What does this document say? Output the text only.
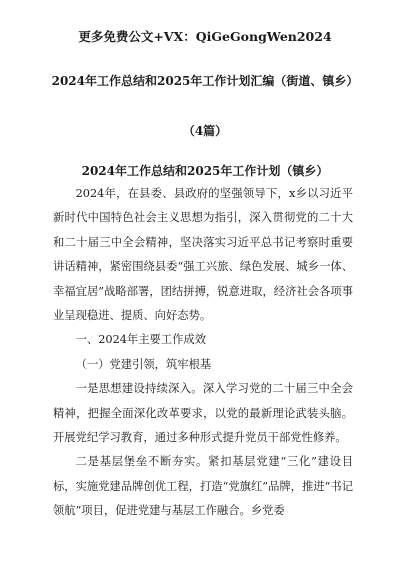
更多免费公文+VX：QiGeGongWen2024
2024年工作总结和2025年工作计划汇编（街道、镇乡）
（4篇）
2024年工作总结和2025年工作计划（镇乡）

2024年，在县委、县政府的坚强领导下，x乡以习近平新时代中国特色社会主义思想为指引，深入贯彻党的二十大和二十届三中全会精神，坚决落实习近平总书记考察时重要讲话精神，紧密围绕县委“强工兴旅、绿色发展、城乡一体、幸福宜居”战略部署，团结拼搏，锐意进取，经济社会各项事业呈现稳进、提质、向好态势。

一、2024年主要工作成效

（一）党建引领，筑牢根基

一是思想建设持续深入。深入学习党的二十届三中全会精神，把握全面深化改革要求，以党的最新理论武装头脑。开展党纪学习教育，通过多种形式提升党员干部党性修养。

二是基层堡垒不断夯实。紧扣基层党建“三化”建设目标，实施党建品牌创优工程，打造“党旗红”品牌，推进“书记领航”项目，促进党建与基层工作融合。乡党委
